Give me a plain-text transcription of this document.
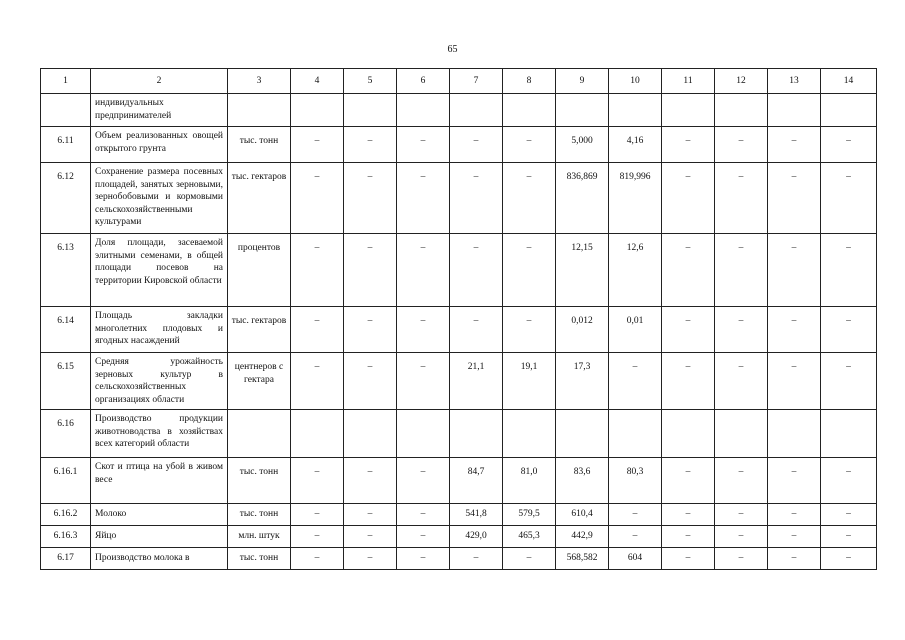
65
1	2	3	4	5	6	7	8	9	10	11	12	13	14
	индивидуальных предпринимателей												
6.11	Объем реализованных овощей открытого грунта	тыс. тонн	–	–	–	–	–	5,000	4,16	–	–	–	–
6.12	Сохранение размера посевных площадей, занятых зерновыми, зернобобовыми и кормовыми сельскохозяйственными культурами	тыс. гектаров	–	–	–	–	–	836,869	819,996	–	–	–	–
6.13	Доля площади, засеваемой элитными семенами, в общей площади посевов на территории Кировской области	процентов	–	–	–	–	–	12,15	12,6	–	–	–	–
6.14	Площадь закладки многолетних плодовых и ягодных насаждений	тыс. гектаров	–	–	–	–	–	0,012	0,01	–	–	–	–
6.15	Средняя урожайность зерновых культур в сельскохозяйственных организациях области	центнеров с гектара	–	–	–	21,1	19,1	17,3	–	–	–	–	–
6.16	Производство продукции животноводства в хозяйствах всех категорий области												
6.16.1	Скот и птица на убой в живом весе	тыс. тонн	–	–	–	84,7	81,0	83,6	80,3	–	–	–	–
6.16.2	Молоко	тыс. тонн	–	–	–	541,8	579,5	610,4	–	–	–	–	–
6.16.3	Яйцо	млн. штук	–	–	–	429,0	465,3	442,9	–	–	–	–	–
6.17	Производство молока в	тыс. тонн	–	–	–	–	–	568,582	604	–	–	–	–
